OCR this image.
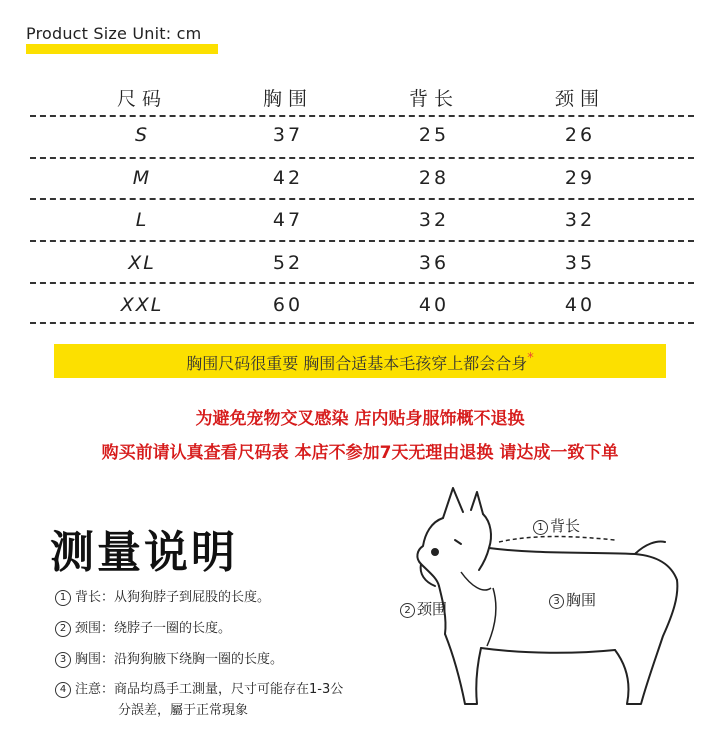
Product Size Unit: cm
尺码	胸围	背长	颈围
S	37	25	26
M	42	28	29
L	47	32	32
XL	52	36	35
XXL	60	40	40
胸围尺码很重要 胸围合适基本毛孩穿上都会合身*
为避免宠物交叉感染 店内贴身服饰概不退换
购买前请认真查看尺码表 本店不参加7天无理由退换 请达成一致下单
测量说明
1 背长：从狗狗脖子到屁股的长度。
2 颈围：绕脖子一圈的长度。
3 胸围：沿狗狗腋下绕胸一圈的长度。
4 注意：商品均爲手工測量，尺寸可能存在1-3公
分誤差，屬于正常現象
1 背长
2 颈围	3 胸围
